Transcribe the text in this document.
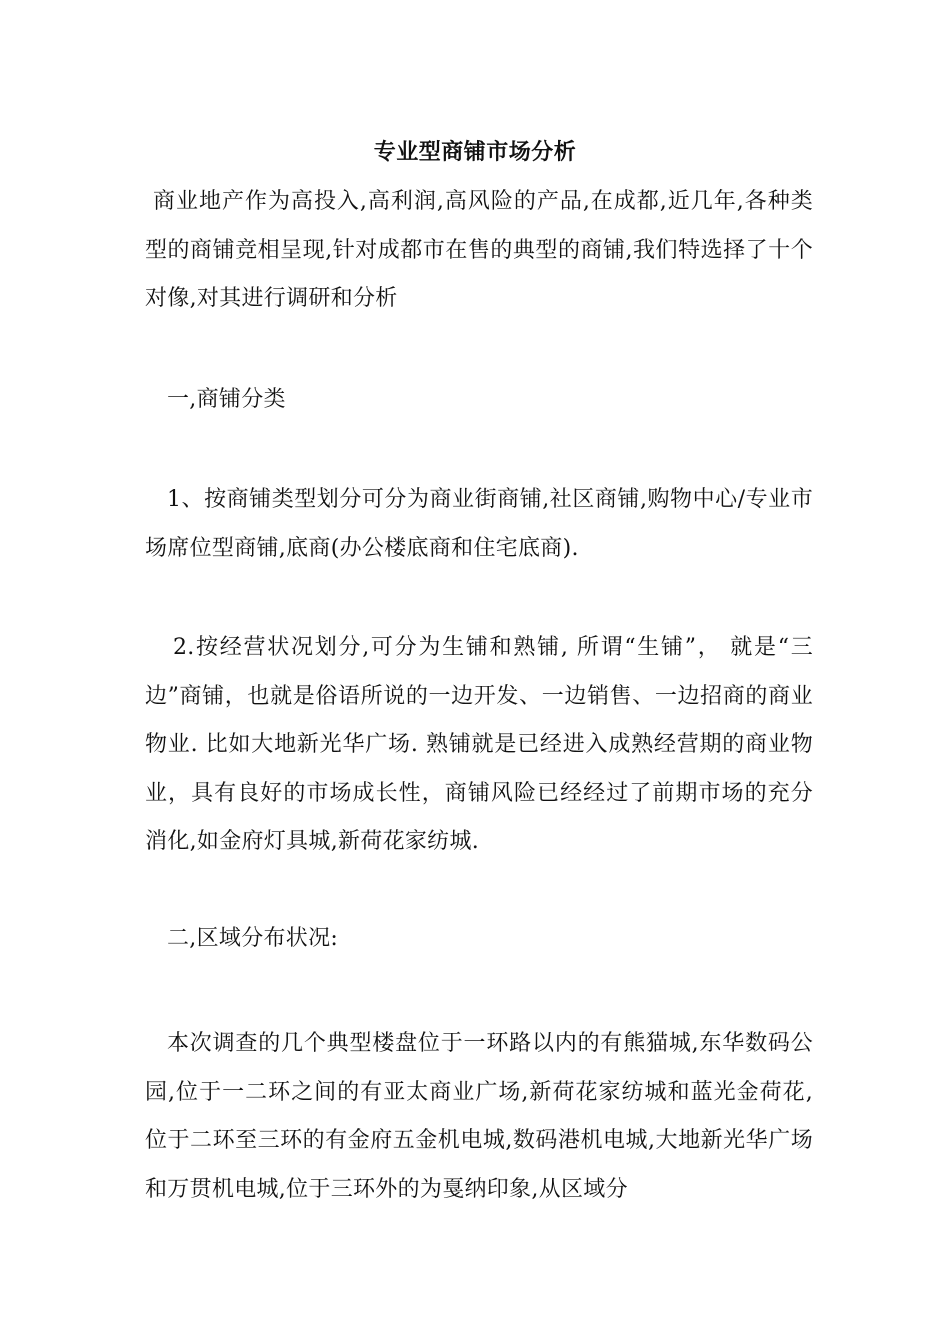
专业型商铺市场分析

商业地产作为高投入,高利润,高风险的产品,在成都,近几年,各种类型的商铺竞相呈现,针对成都市在售的典型的商铺,我们特选择了十个对像,对其进行调研和分析

一,商铺分类

1、按商铺类型划分可分为商业街商铺,社区商铺,购物中心/专业市场席位型商铺,底商(办公楼底商和住宅底商).

2.按经营状况划分,可分为生铺和熟铺, 所谓“生铺”， 就是“三边”商铺，也就是俗语所说的一边开发、一边销售、一边招商的商业物业. 比如大地新光华广场. 熟铺就是已经进入成熟经营期的商业物业，具有良好的市场成长性，商铺风险已经经过了前期市场的充分消化,如金府灯具城,新荷花家纺城.

二,区域分布状况:

本次调查的几个典型楼盘位于一环路以内的有熊猫城,东华数码公园,位于一二环之间的有亚太商业广场,新荷花家纺城和蓝光金荷花,位于二环至三环的有金府五金机电城,数码港机电城,大地新光华广场和万贯机电城,位于三环外的为戛纳印象,从区域分
